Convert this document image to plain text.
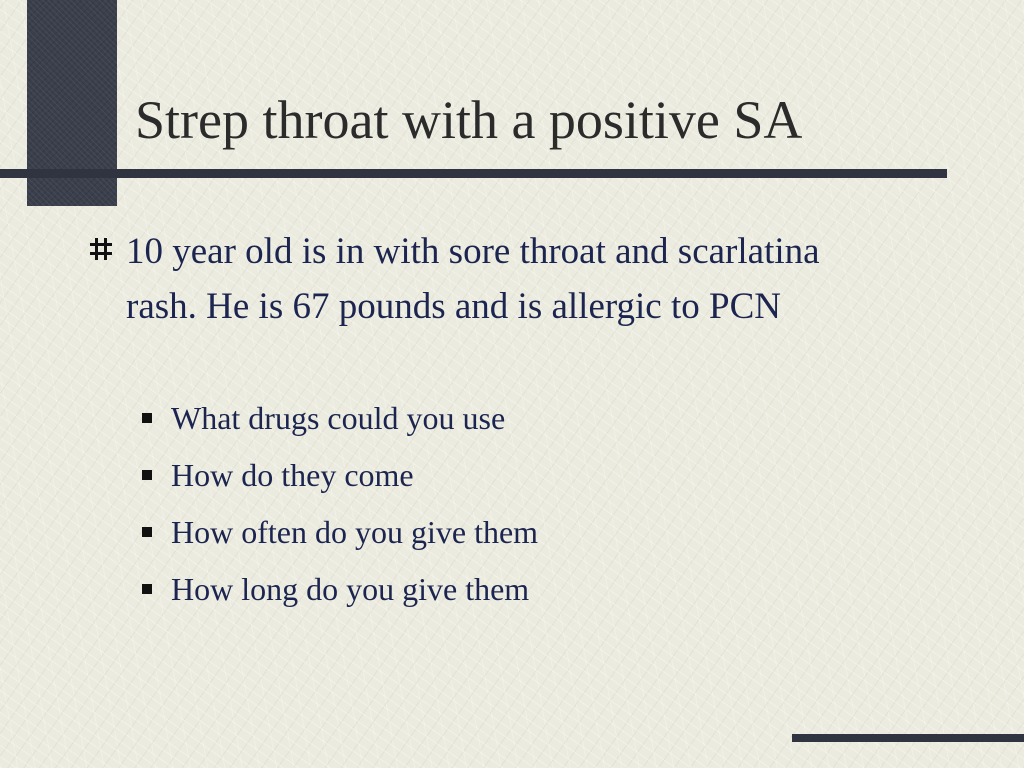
Strep throat with a positive SA

10 year old is in with sore throat and scarlatina rash. He is 67 pounds and is allergic to PCN

What drugs could you use
How do they come
How often do you give them
How long do you give them
